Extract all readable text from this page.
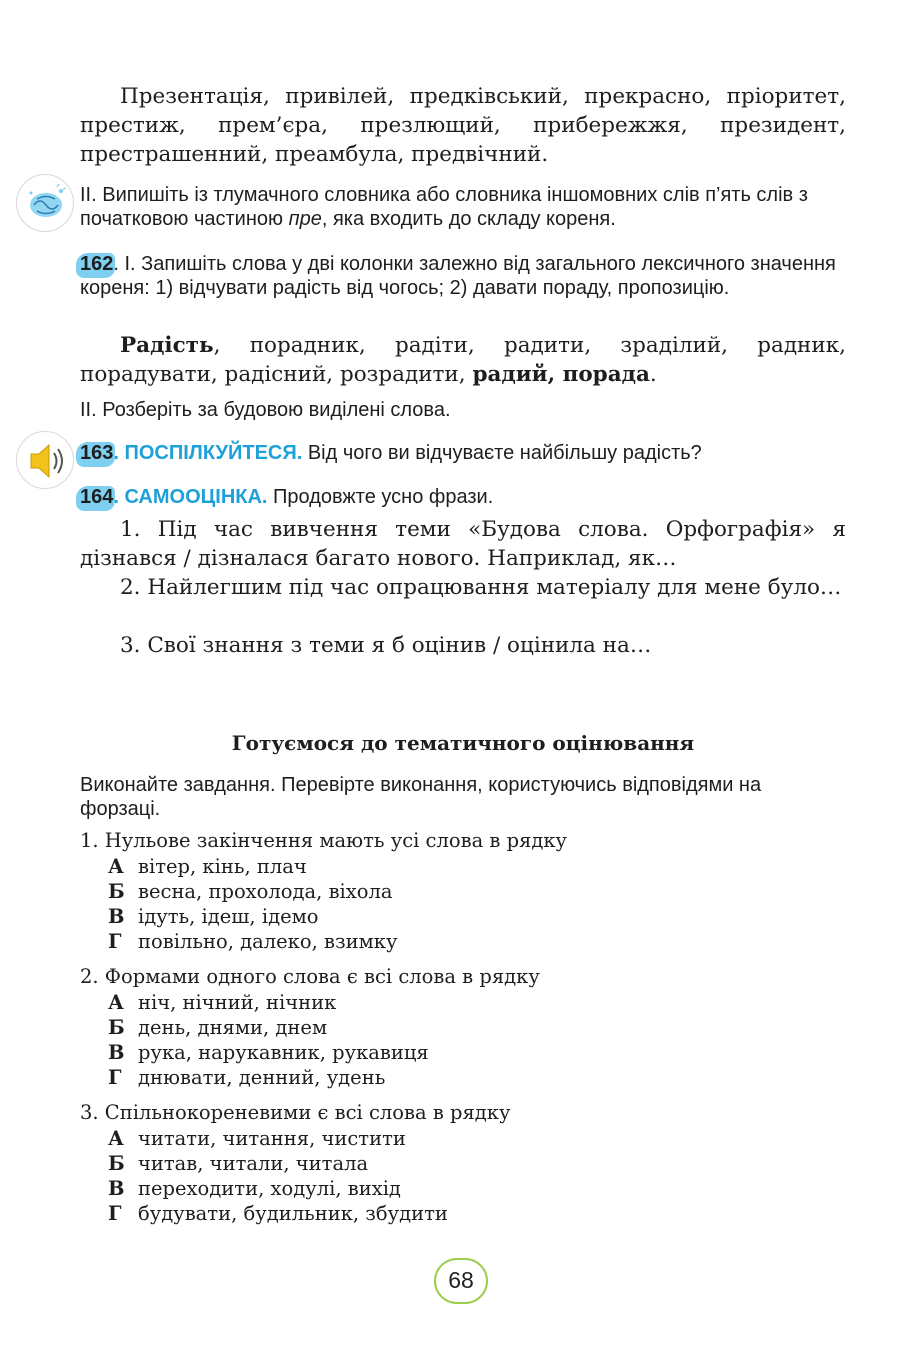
Презентація, привілей, предківський, прекрасно, пріоритет, престиж, прем’єра, презлющий, прибережжя, президент, престрашенний, преамбула, предвічний.
ІІ. Випишіть із тлумачного словника або словника іншомовних слів п’ять слів з початковою частиною пре, яка входить до складу кореня.
162. І. Запишіть слова у дві колонки залежно від загального лексичного значення кореня: 1) відчувати радість від чогось; 2) давати пораду, пропозицію.
Радість, порадник, радіти, радити, зраділий, радник, порадувати, радісний, розрадити, радий, порада.
ІІ. Розберіть за будовою виділені слова.
163. ПОСПІЛКУЙТЕСЯ. Від чого ви відчуваєте найбільшу радість?
164. САМООЦІНКА. Продовжте усно фрази.
1. Під час вивчення теми «Будова слова. Орфографія» я дізнався / дізналася багато нового. Наприклад, як…
2. Найлегшим під час опрацювання матеріалу для мене було…
3. Свої знання з теми я б оцінив / оцінила на…
Готуємося до тематичного оцінювання
Виконайте завдання. Перевірте виконання, користуючись відповідями на форзаці.
1. Нульове закінчення мають усі слова в рядку
А вітер, кінь, плач
Б весна, прохолода, віхола
В ідуть, ідеш, ідемо
Г повільно, далеко, взимку
2. Формами одного слова є всі слова в рядку
А ніч, нічний, нічник
Б день, днями, днем
В рука, нарукавник, рукавиця
Г днювати, денний, удень
3. Спільнокореневими є всі слова в рядку
А читати, читання, чистити
Б читав, читали, читала
В переходити, ходулі, вихід
Г будувати, будильник, збудити
68
